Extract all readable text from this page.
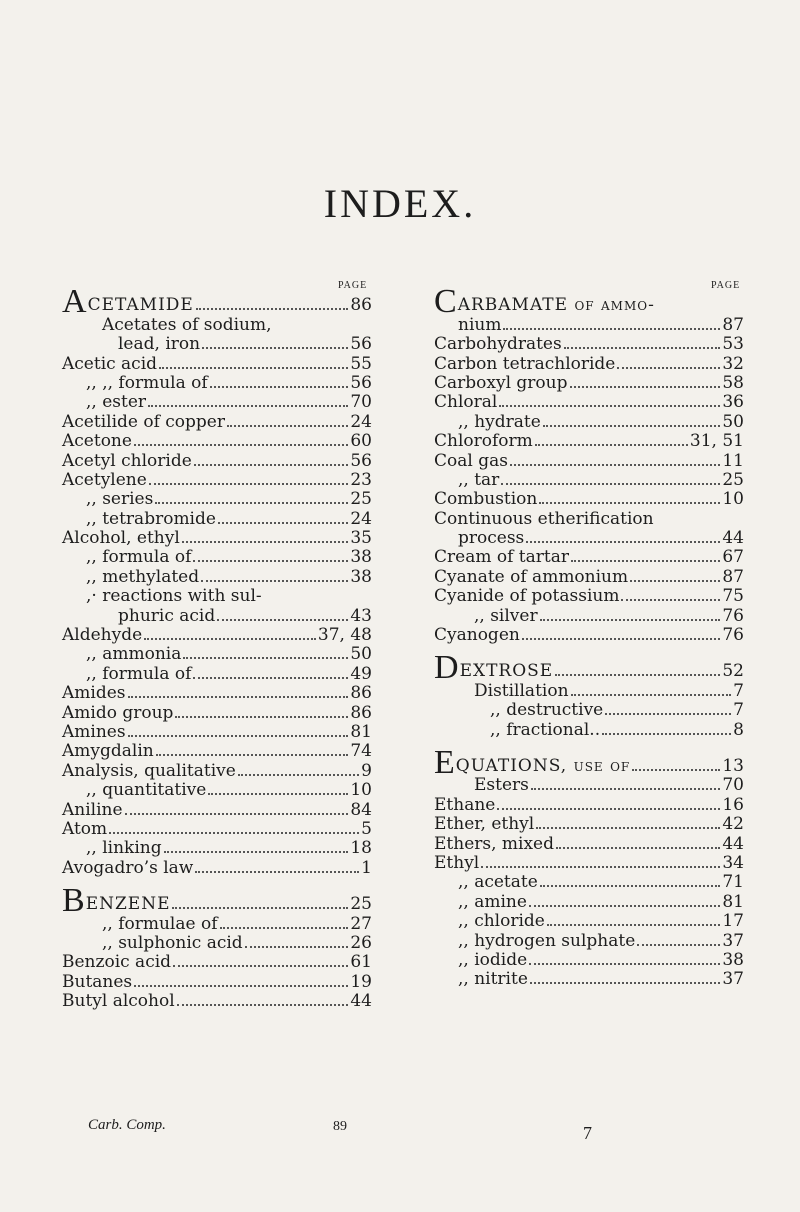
INDEX.
PAGE	PAGE
ACETAMIDE	86
Acetates of sodium,
lead, iron	56
Acetic acid	55
,, ,, formula of	56
,, ester	70
Acetilide of copper	24
Acetone	60
Acetyl chloride	56
Acetylene	23
,, series	25
,, tetrabromide	24
Alcohol, ethyl	35
,, formula of	38
,, methylated	38
,· reactions with sul-
phuric acid	43
Aldehyde	37, 48
,, ammonia	50
,, formula of	49
Amides	86
Amido group	86
Amines	81
Amygdalin	74
Analysis, qualitative	9
,, quantitative	10
Aniline	84
Atom	5
,, linking	18
Avogadro’s law	1
BENZENE	25
,, formulae of	27
,, sulphonic acid	26
Benzoic acid	61
Butanes	19
Butyl alcohol	44
CARBAMATE of ammo-
nium	87
Carbohydrates	53
Carbon tetrachloride	32
Carboxyl group	58
Chloral	36
,, hydrate	50
Chloroform	31, 51
Coal gas	11
,, tar	25
Combustion	10
Continuous etherification
process	44
Cream of tartar	67
Cyanate of ammonium	87
Cyanide of potassium	75
,, silver	76
Cyanogen	76
DEXTROSE	52
Distillation	7
,, destructive	7
,, fractional..	8
EQUATIONS, use of	13
Esters	70
Ethane	16
Ether, ethyl	42
Ethers, mixed	44
Ethyl	34
,, acetate	71
,, amine	81
,, chloride	17
,, hydrogen sulphate	37
,, iodide	38
,, nitrite	37
Carb. Comp.	89	7
